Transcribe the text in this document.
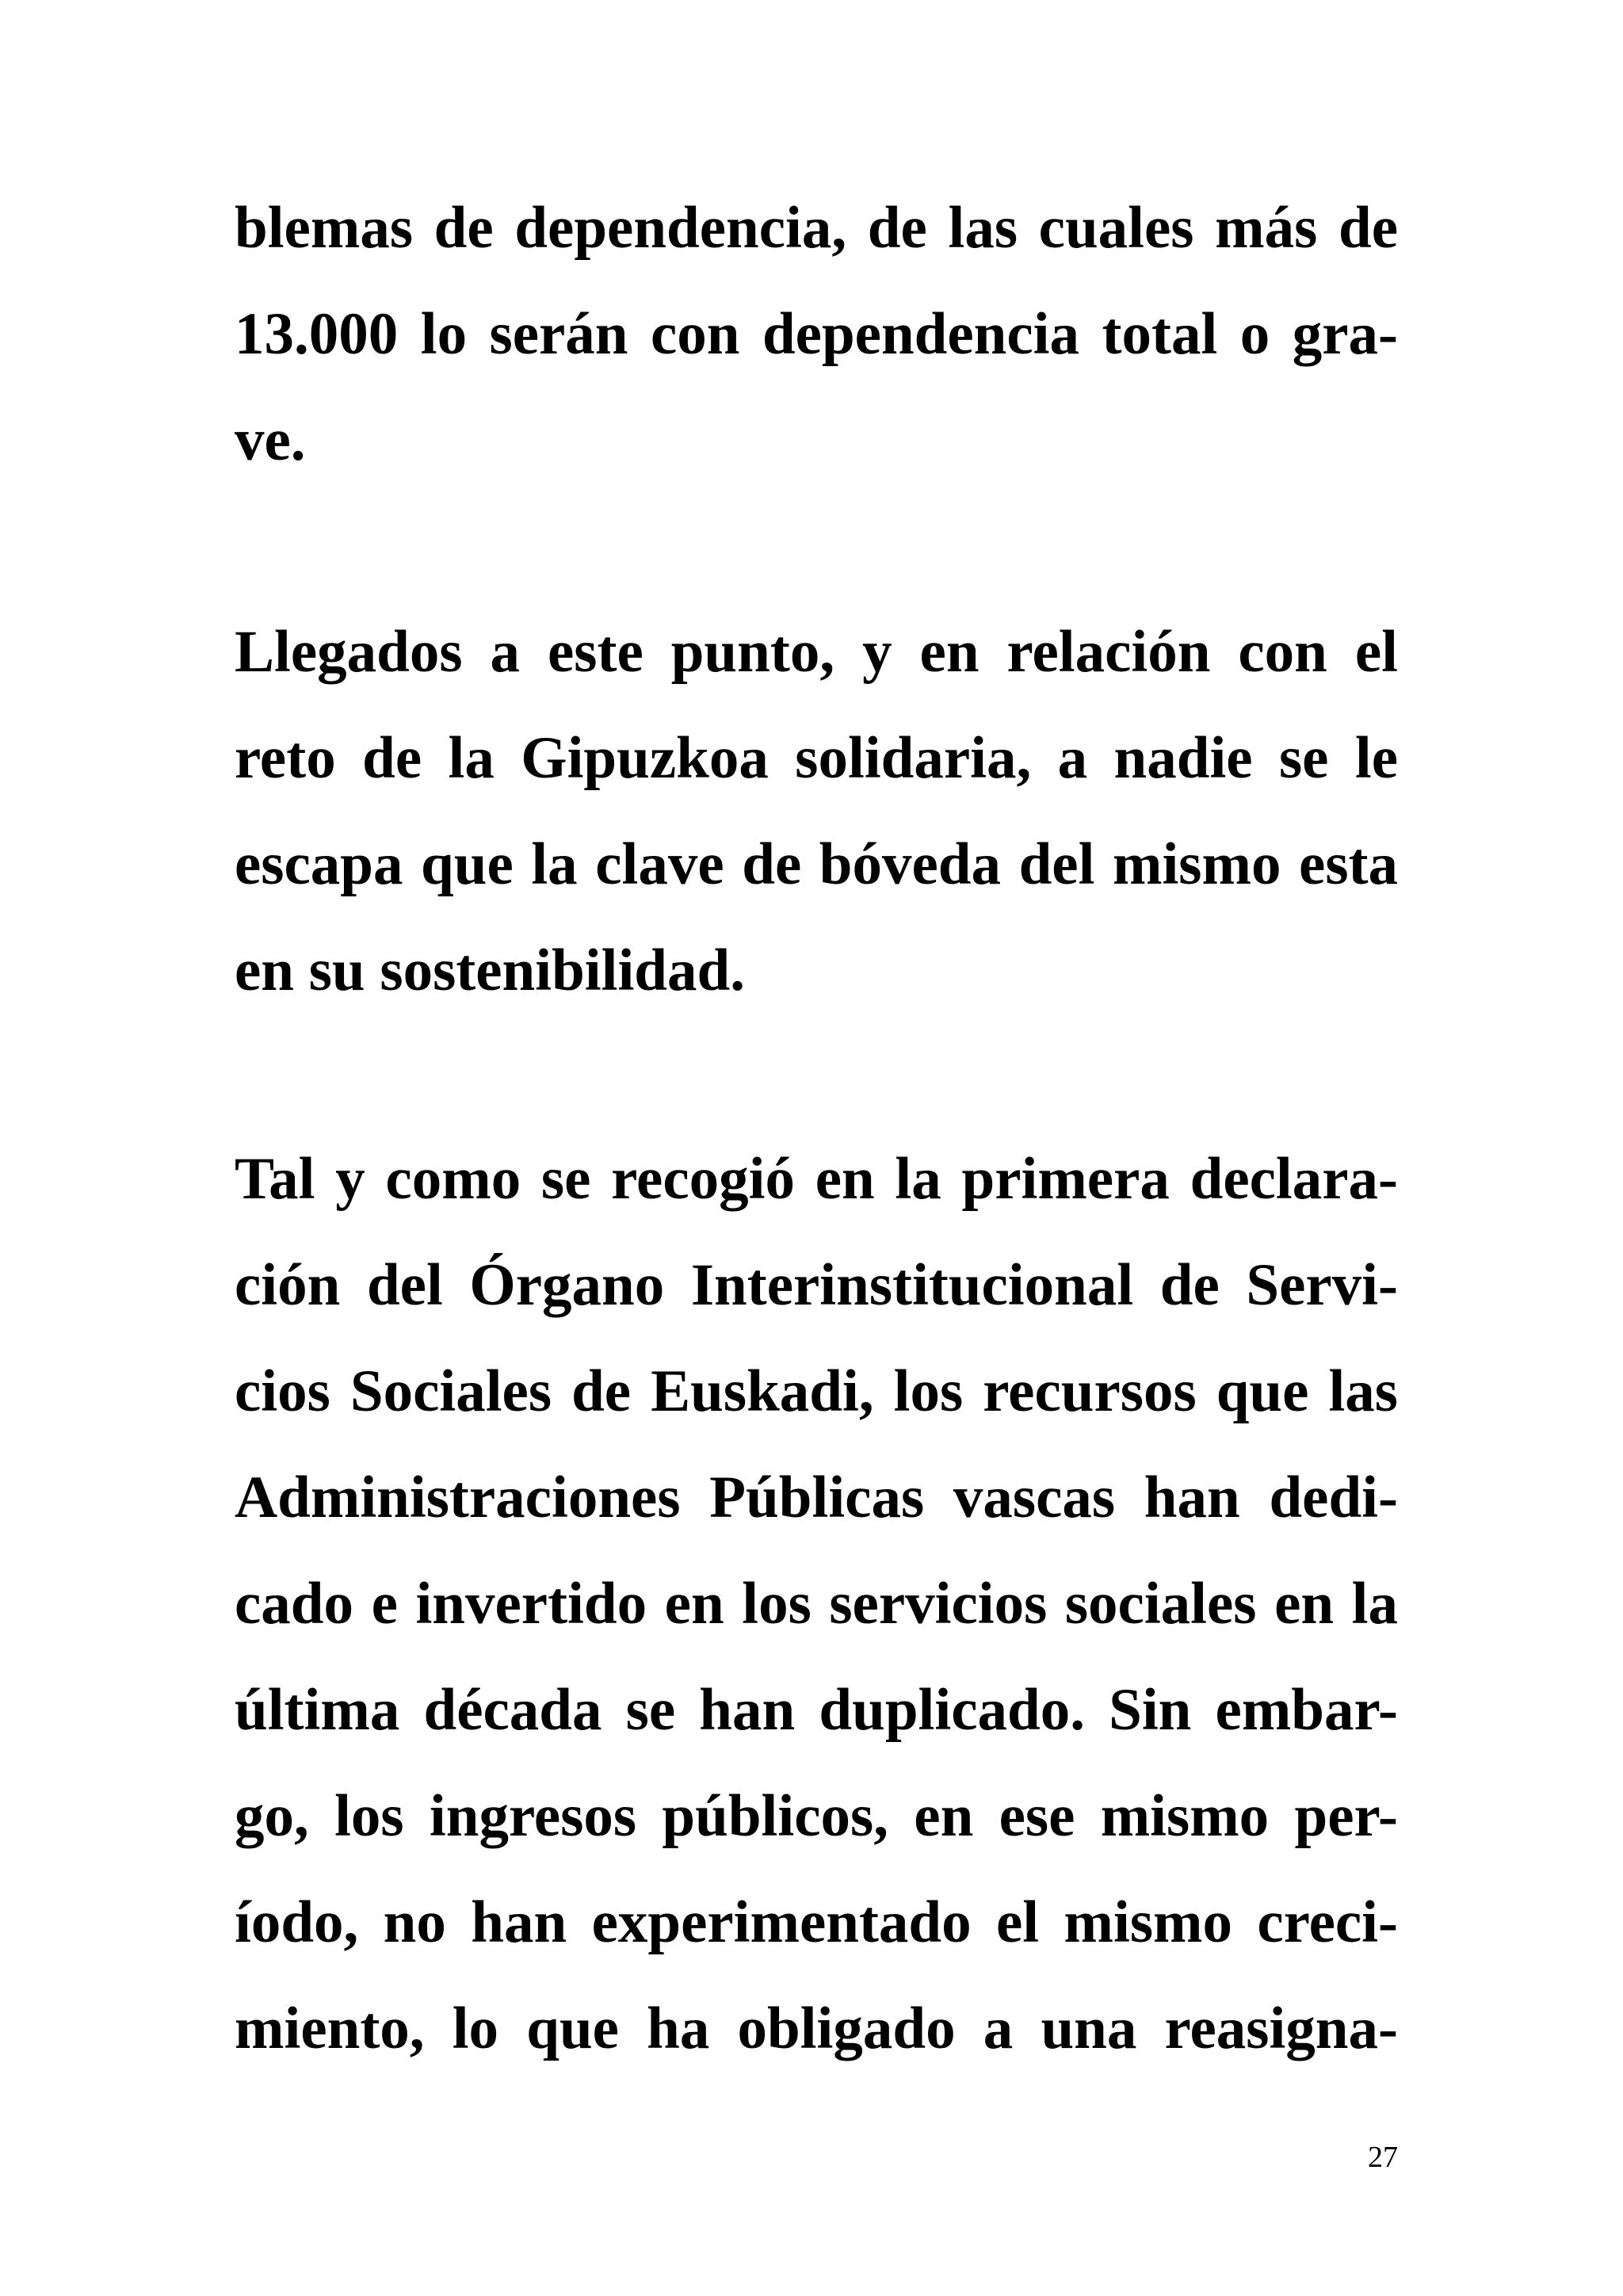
blemas de dependencia, de las cuales más de
13.000 lo serán con dependencia total o gra-
ve.
Llegados a este punto, y en relación con el
reto de la Gipuzkoa solidaria, a nadie se le
escapa que la clave de bóveda del mismo esta
en su sostenibilidad.
Tal y como se recogió en la primera declara-
ción del Órgano Interinstitucional de Servi-
cios Sociales de Euskadi, los recursos que las
Administraciones Públicas vascas han dedi-
cado e invertido en los servicios sociales en la
última década se han duplicado. Sin embar-
go, los ingresos públicos, en ese mismo per-
íodo, no han experimentado el mismo creci-
miento, lo que ha obligado a una reasigna-
27
